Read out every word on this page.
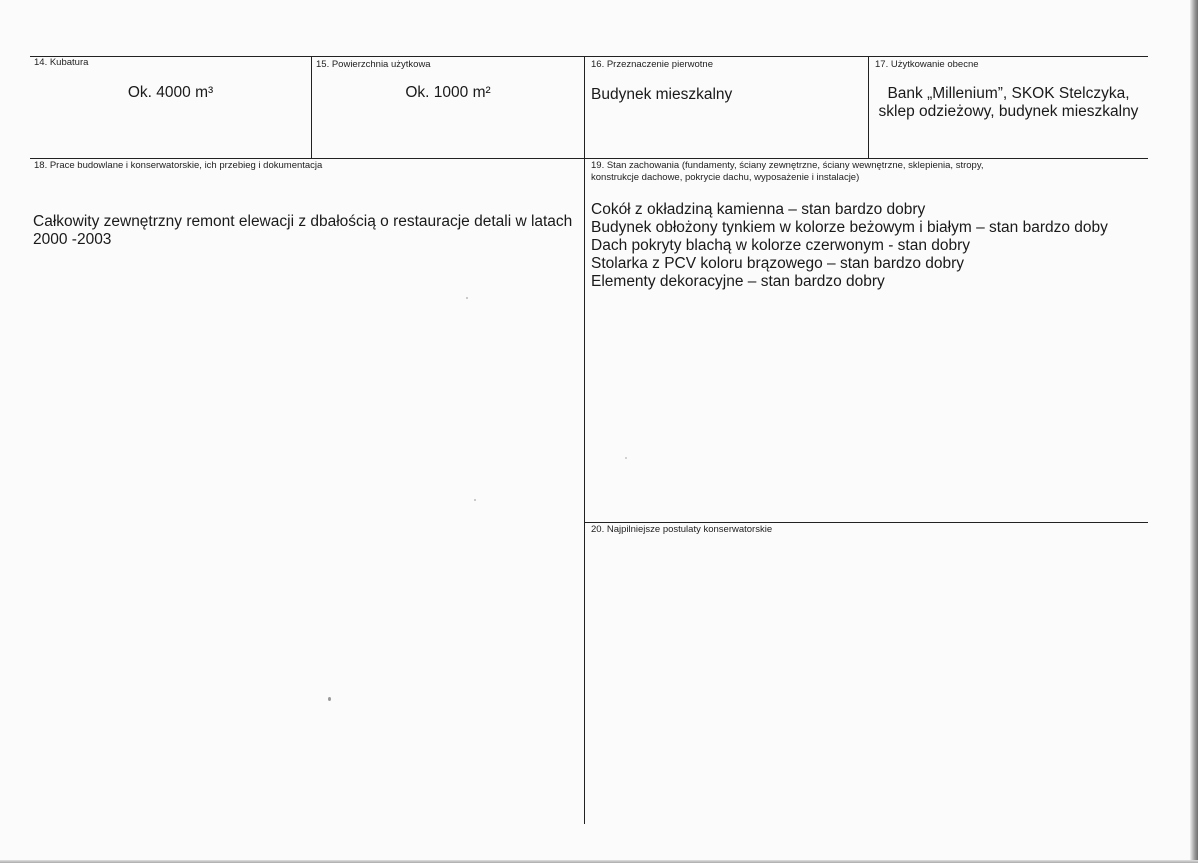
14. Kubatura
Ok. 4000 m³
15. Powierzchnia użytkowa
Ok. 1000 m²
16. Przeznaczenie pierwotne
Budynek mieszkalny
17. Użytkowanie obecne
Bank „Millenium”, SKOK Stelczyka,
sklep odzieżowy, budynek mieszkalny
18. Prace budowlane i konserwatorskie, ich przebieg i dokumentacja
Całkowity zewnętrzny remont elewacji z dbałością o restauracje detali w latach
2000 -2003
19. Stan zachowania (fundamenty, ściany zewnętrzne, ściany wewnętrzne, sklepienia, stropy,
konstrukcje dachowe, pokrycie dachu, wyposażenie i instalacje)
Cokół z okładziną kamienna – stan bardzo dobry
Budynek obłożony tynkiem w kolorze beżowym i białym – stan bardzo doby
Dach pokryty blachą w kolorze czerwonym - stan dobry
Stolarka z PCV koloru brązowego – stan bardzo dobry
Elementy dekoracyjne – stan bardzo dobry
20. Najpilniejsze postulaty konserwatorskie
